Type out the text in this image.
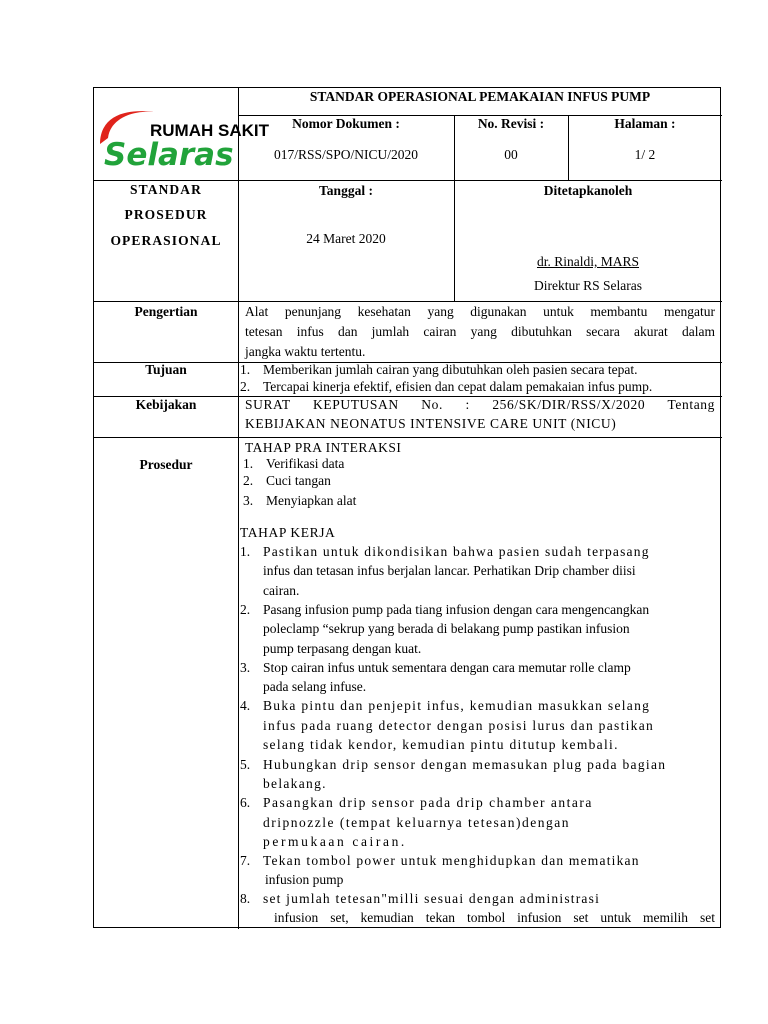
RUMAH SAKIT
Selaras
STANDAR OPERASIONAL PEMAKAIAN INFUS PUMP
Nomor Dokumen :
017/RSS/SPO/NICU/2020
No. Revisi :
00
Halaman :
1/ 2
STANDAR
PROSEDUR
OPERASIONAL
Tanggal :
24 Maret 2020
Ditetapkanoleh
dr. Rinaldi, MARS
Direktur RS Selaras
Pengertian	Alat penunjang kesehatan yang digunakan untuk membantu mengatur
tetesan infus dan jumlah cairan yang dibutuhkan secara akurat dalam
jangka waktu tertentu.
Tujuan	1. Memberikan jumlah cairan yang dibutuhkan oleh pasien secara tepat.
2. Tercapai kinerja efektif, efisien dan cepat dalam pemakaian infus pump.
Kebijakan	SURAT KEPUTUSAN No. : 256/SK/DIR/RSS/X/2020 Tentang
KEBIJAKAN NEONATUS INTENSIVE CARE UNIT (NICU)
Prosedur
TAHAP PRA INTERAKSI
1. Verifikasi data
2. Cuci tangan
3. Menyiapkan alat
TAHAP KERJA
1. Pastikan untuk dikondisikan bahwa pasien sudah terpasang
infus dan tetasan infus berjalan lancar. Perhatikan Drip chamber diisi
cairan.
2. Pasang infusion pump pada tiang infusion dengan cara mengencangkan
poleclamp “sekrup yang berada di belakang pump pastikan infusion
pump terpasang dengan kuat.
3. Stop cairan infus untuk sementara dengan cara memutar rolle clamp
pada selang infuse.
4. Buka pintu dan penjepit infus, kemudian masukkan selang
infus pada ruang detector dengan posisi lurus dan pastikan
selang tidak kendor, kemudian pintu ditutup kembali.
5. Hubungkan drip sensor dengan memasukan plug pada bagian
belakang.
6. Pasangkan drip sensor pada drip chamber antara
dripnozzle (tempat keluarnya tetesan)dengan
permukaan cairan.
7. Tekan tombol power untuk menghidupkan dan mematikan
infusion pump
8. set jumlah tetesan"milli sesuai dengan administrasi
infusion set, kemudian tekan tombol infusion set untuk memilih set
